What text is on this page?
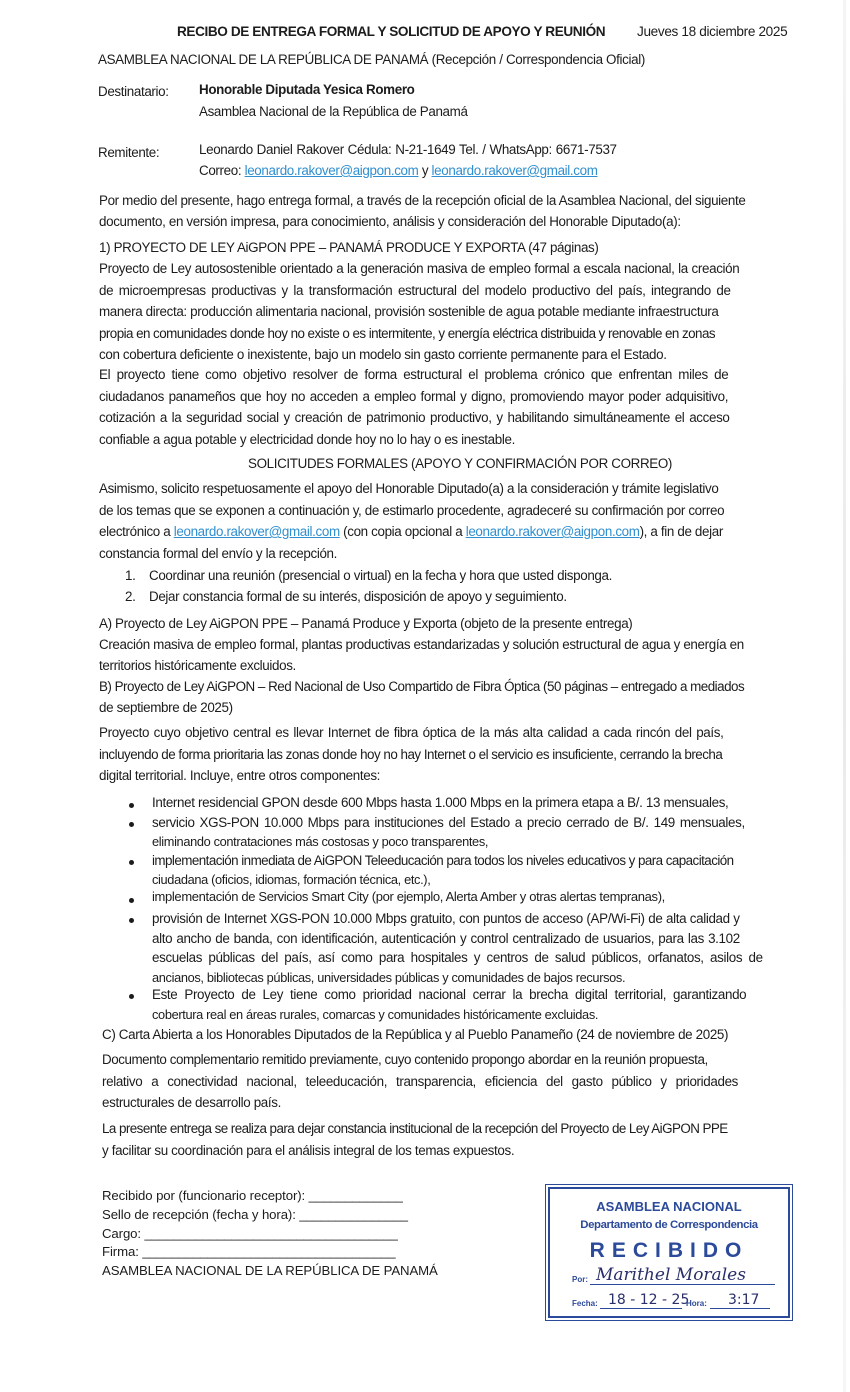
RECIBO DE ENTREGA FORMAL Y SOLICITUD DE APOYO Y REUNIÓN Jueves 18 diciembre 2025
ASAMBLEA NACIONAL DE LA REPÚBLICA DE PANAMÁ (Recepción / Correspondencia Oficial)
Destinatario: Honorable Diputada Yesica Romero
Asamblea Nacional de la República de Panamá
Remitente:	Leonardo Daniel Rakover Cédula: N-21-1649 Tel. / WhatsApp: 6671-7537
Correo: leonardo.rakover@aigpon.com y leonardo.rakover@gmail.com
Por medio del presente, hago entrega formal, a través de la recepción oficial de la Asamblea Nacional, del siguiente
documento, en versión impresa, para conocimiento, análisis y consideración del Honorable Diputado(a):
1) PROYECTO DE LEY AiGPON PPE – PANAMÁ PRODUCE Y EXPORTA (47 páginas)
Proyecto de Ley autosostenible orientado a la generación masiva de empleo formal a escala nacional, la creación
de microempresas productivas y la transformación estructural del modelo productivo del país, integrando de
manera directa: producción alimentaria nacional, provisión sostenible de agua potable mediante infraestructura
propia en comunidades donde hoy no existe o es intermitente, y energía eléctrica distribuida y renovable en zonas
con cobertura deficiente o inexistente, bajo un modelo sin gasto corriente permanente para el Estado.
El proyecto tiene como objetivo resolver de forma estructural el problema crónico que enfrentan miles de
ciudadanos panameños que hoy no acceden a empleo formal y digno, promoviendo mayor poder adquisitivo,
cotización a la seguridad social y creación de patrimonio productivo, y habilitando simultáneamente el acceso
confiable a agua potable y electricidad donde hoy no lo hay o es inestable.
SOLICITUDES FORMALES (APOYO Y CONFIRMACIÓN POR CORREO)
Asimismo, solicito respetuosamente el apoyo del Honorable Diputado(a) a la consideración y trámite legislativo
de los temas que se exponen a continuación y, de estimarlo procedente, agradeceré su confirmación por correo
electrónico a leonardo.rakover@gmail.com (con copia opcional a leonardo.rakover@aigpon.com), a fin de dejar
constancia formal del envío y la recepción.
1. Coordinar una reunión (presencial o virtual) en la fecha y hora que usted disponga.
2. Dejar constancia formal de su interés, disposición de apoyo y seguimiento.
A) Proyecto de Ley AiGPON PPE – Panamá Produce y Exporta (objeto de la presente entrega)
Creación masiva de empleo formal, plantas productivas estandarizadas y solución estructural de agua y energía en
territorios históricamente excluidos.
B) Proyecto de Ley AiGPON – Red Nacional de Uso Compartido de Fibra Óptica (50 páginas – entregado a mediados
de septiembre de 2025)
Proyecto cuyo objetivo central es llevar Internet de fibra óptica de la más alta calidad a cada rincón del país,
incluyendo de forma prioritaria las zonas donde hoy no hay Internet o el servicio es insuficiente, cerrando la brecha
digital territorial. Incluye, entre otros componentes:
Internet residencial GPON desde 600 Mbps hasta 1.000 Mbps en la primera etapa a B/. 13 mensuales,
servicio XGS-PON 10.000 Mbps para instituciones del Estado a precio cerrado de B/. 149 mensuales,
eliminando contrataciones más costosas y poco transparentes,
implementación inmediata de AiGPON Teleeducación para todos los niveles educativos y para capacitación
ciudadana (oficios, idiomas, formación técnica, etc.),
implementación de Servicios Smart City (por ejemplo, Alerta Amber y otras alertas tempranas),
provisión de Internet XGS-PON 10.000 Mbps gratuito, con puntos de acceso (AP/Wi-Fi) de alta calidad y
alto ancho de banda, con identificación, autenticación y control centralizado de usuarios, para las 3.102
escuelas públicas del país, así como para hospitales y centros de salud públicos, orfanatos, asilos de
ancianos, bibliotecas públicas, universidades públicas y comunidades de bajos recursos.
Este Proyecto de Ley tiene como prioridad nacional cerrar la brecha digital territorial, garantizando
cobertura real en áreas rurales, comarcas y comunidades históricamente excluidas.
C) Carta Abierta a los Honorables Diputados de la República y al Pueblo Panameño (24 de noviembre de 2025)
Documento complementario remitido previamente, cuyo contenido propongo abordar en la reunión propuesta,
relativo a conectividad nacional, teleeducación, transparencia, eficiencia del gasto público y prioridades
estructurales de desarrollo país.
La presente entrega se realiza para dejar constancia institucional de la recepción del Proyecto de Ley AiGPON PPE
y facilitar su coordinación para el análisis integral de los temas expuestos.
Recibido por (funcionario receptor): _____________
Sello de recepción (fecha y hora): _______________
Cargo: ___________________________________
Firma: ___________________________________
ASAMBLEA NACIONAL DE LA REPÚBLICA DE PANAMÁ
ASAMBLEA NACIONAL
Departamento de Correspondencia
RECIBIDO
Por: Marithel Morales
Fecha: 18 - 12 - 25
Hora: 3:17
